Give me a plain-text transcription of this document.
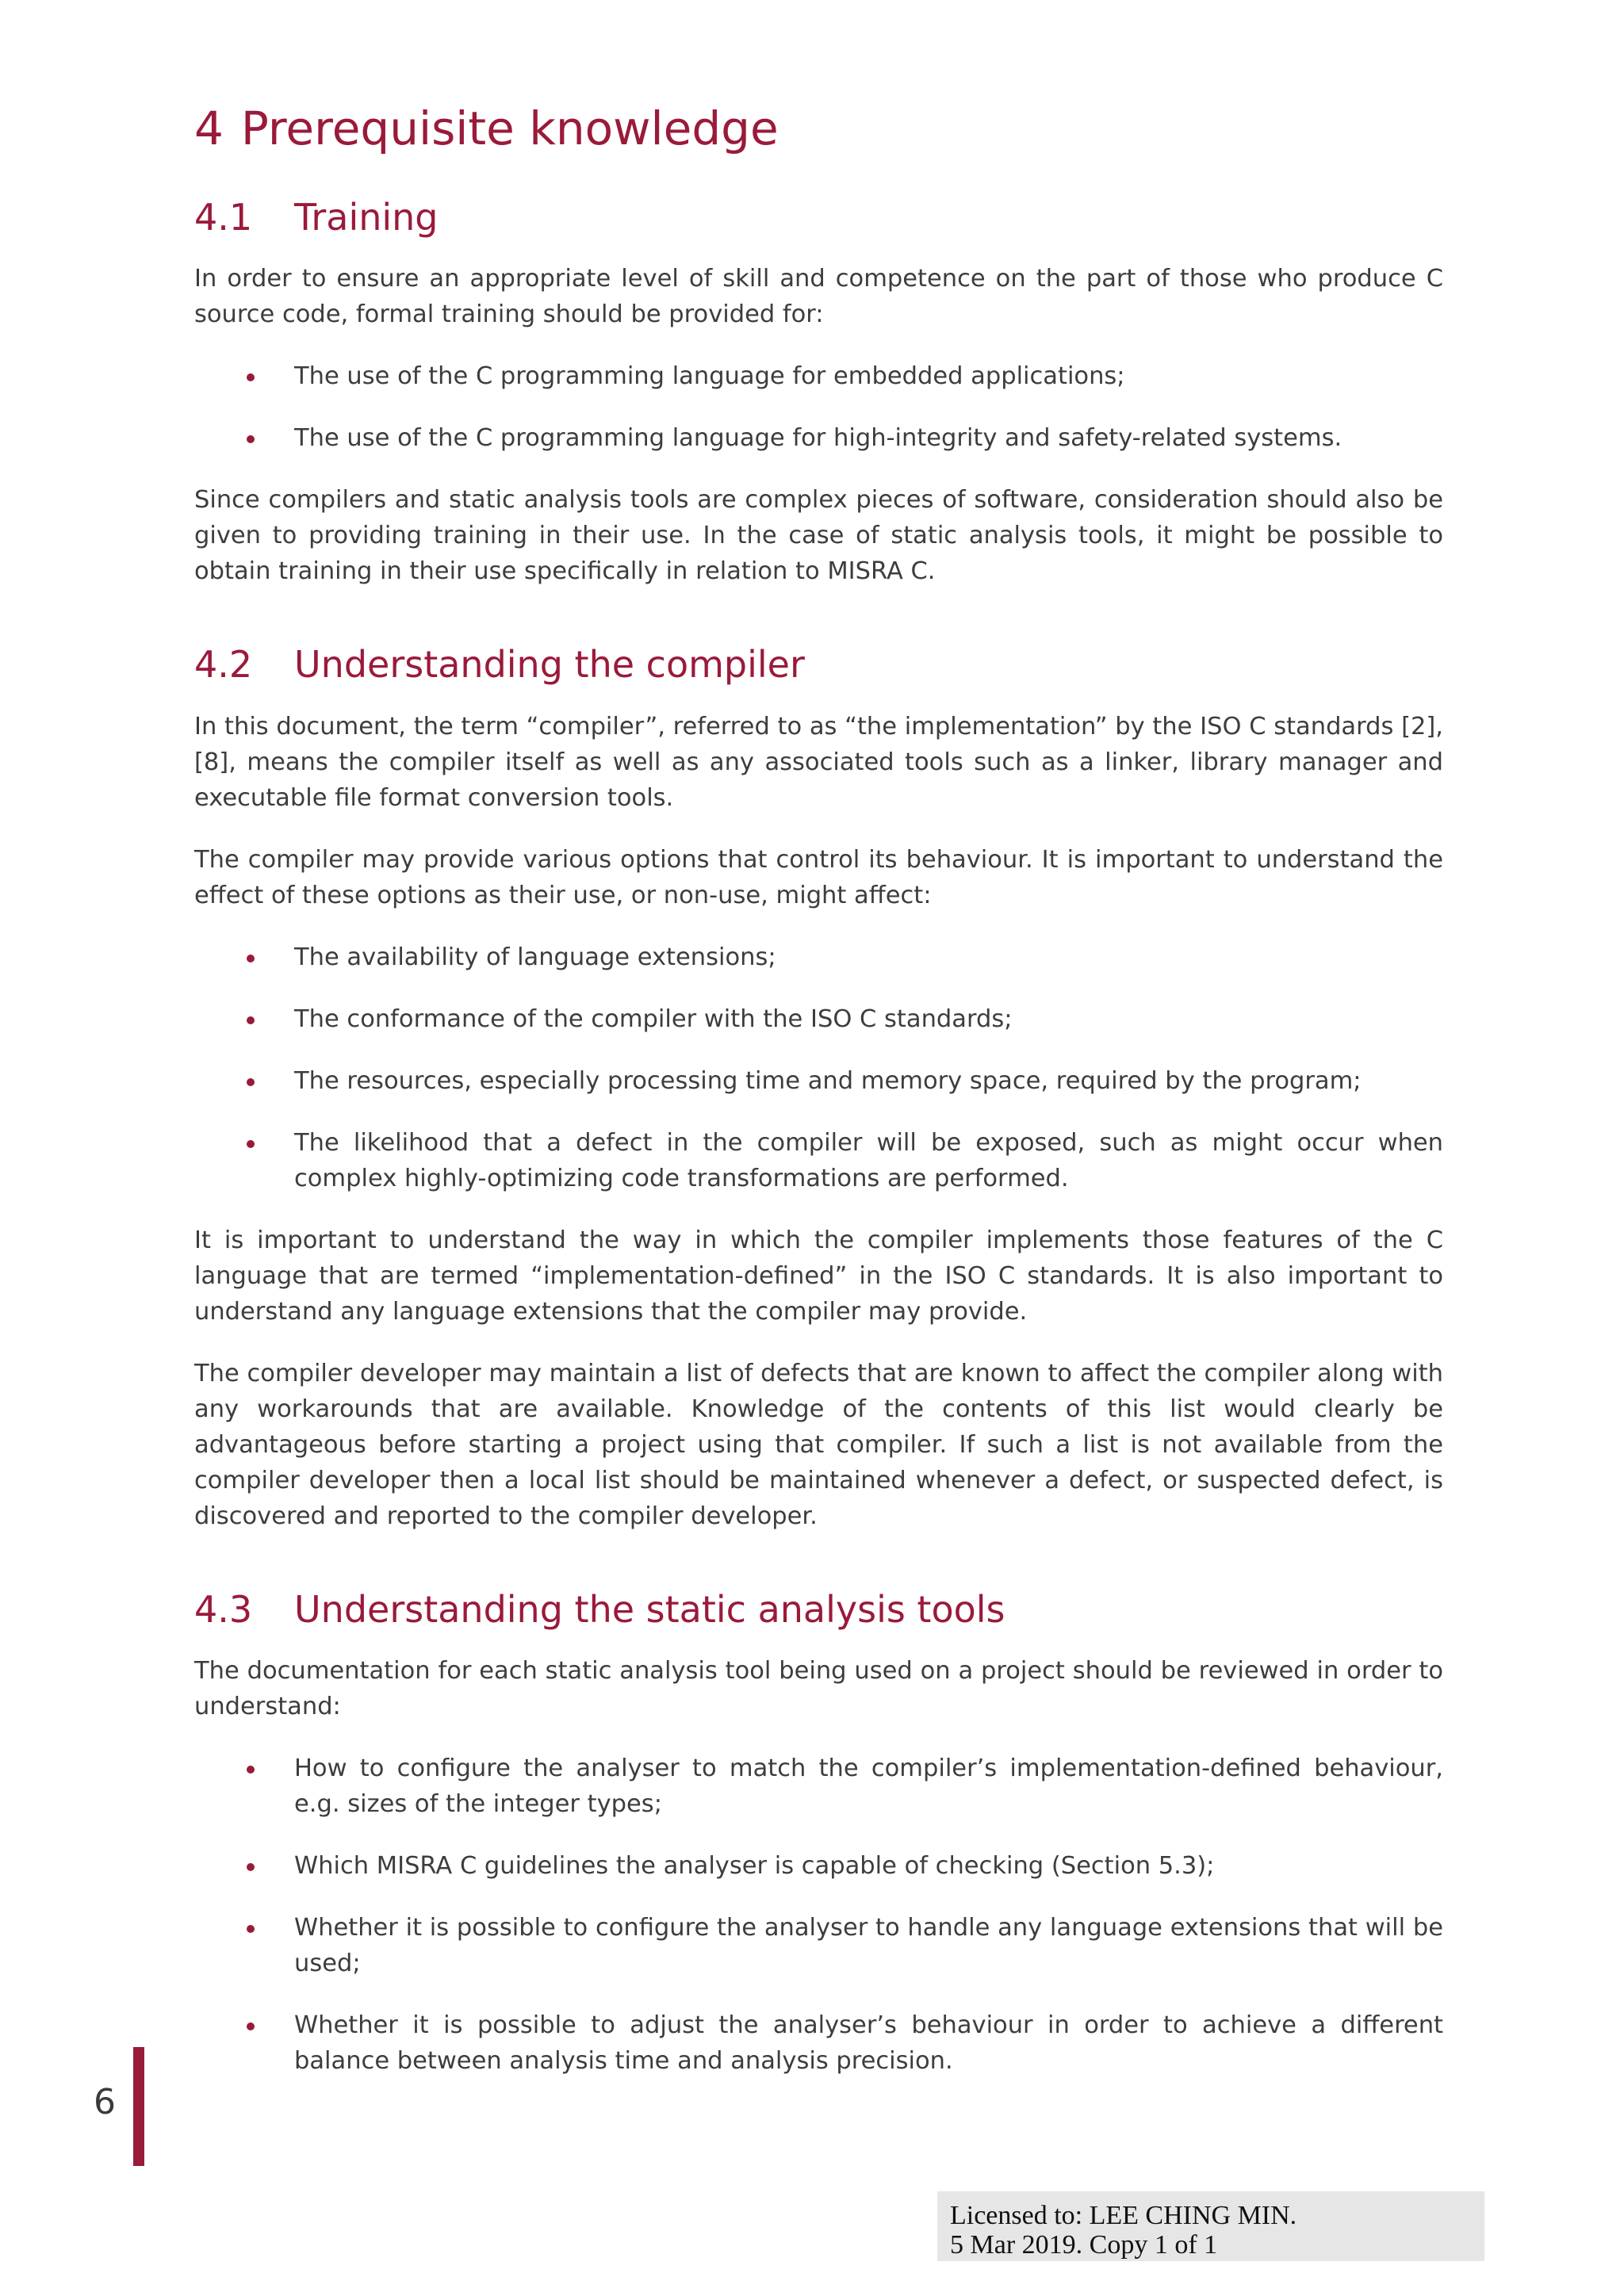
4 Prerequisite knowledge
4.1	Training

In order to ensure an appropriate level of skill and competence on the part of those who produce C source code, formal training should be provided for:

The use of the C programming language for embedded applications;
The use of the C programming language for high-integrity and safety-related systems.

Since compilers and static analysis tools are complex pieces of software, consideration should also be given to providing training in their use. In the case of static analysis tools, it might be possible to obtain training in their use specifically in relation to MISRA C.

4.2	Understanding the compiler

In this document, the term “compiler”, referred to as “the implementation” by the ISO C standards [2], [8], means the compiler itself as well as any associated tools such as a linker, library manager and executable file format conversion tools.

The compiler may provide various options that control its behaviour. It is important to understand the effect of these options as their use, or non-use, might affect:

The availability of language extensions;
The conformance of the compiler with the ISO C standards;
The resources, especially processing time and memory space, required by the program;
The likelihood that a defect in the compiler will be exposed, such as might occur when complex highly-optimizing code transformations are performed.

It is important to understand the way in which the compiler implements those features of the C language that are termed “implementation-defined” in the ISO C standards. It is also important to understand any language extensions that the compiler may provide.

The compiler developer may maintain a list of defects that are known to affect the compiler along with any workarounds that are available. Knowledge of the contents of this list would clearly be advantageous before starting a project using that compiler. If such a list is not available from the compiler developer then a local list should be maintained whenever a defect, or suspected defect, is discovered and reported to the compiler developer.

4.3	Understanding the static analysis tools

The documentation for each static analysis tool being used on a project should be reviewed in order to understand:

How to configure the analyser to match the compiler’s implementation-defined behaviour, e.g. sizes of the integer types;
Which MISRA C guidelines the analyser is capable of checking (Section 5.3);
Whether it is possible to configure the analyser to handle any language extensions that will be used;
Whether it is possible to adjust the analyser’s behaviour in order to achieve a different balance between analysis time and analysis precision.
6
Licensed to: LEE CHING MIN.
5 Mar 2019. Copy 1 of 1
